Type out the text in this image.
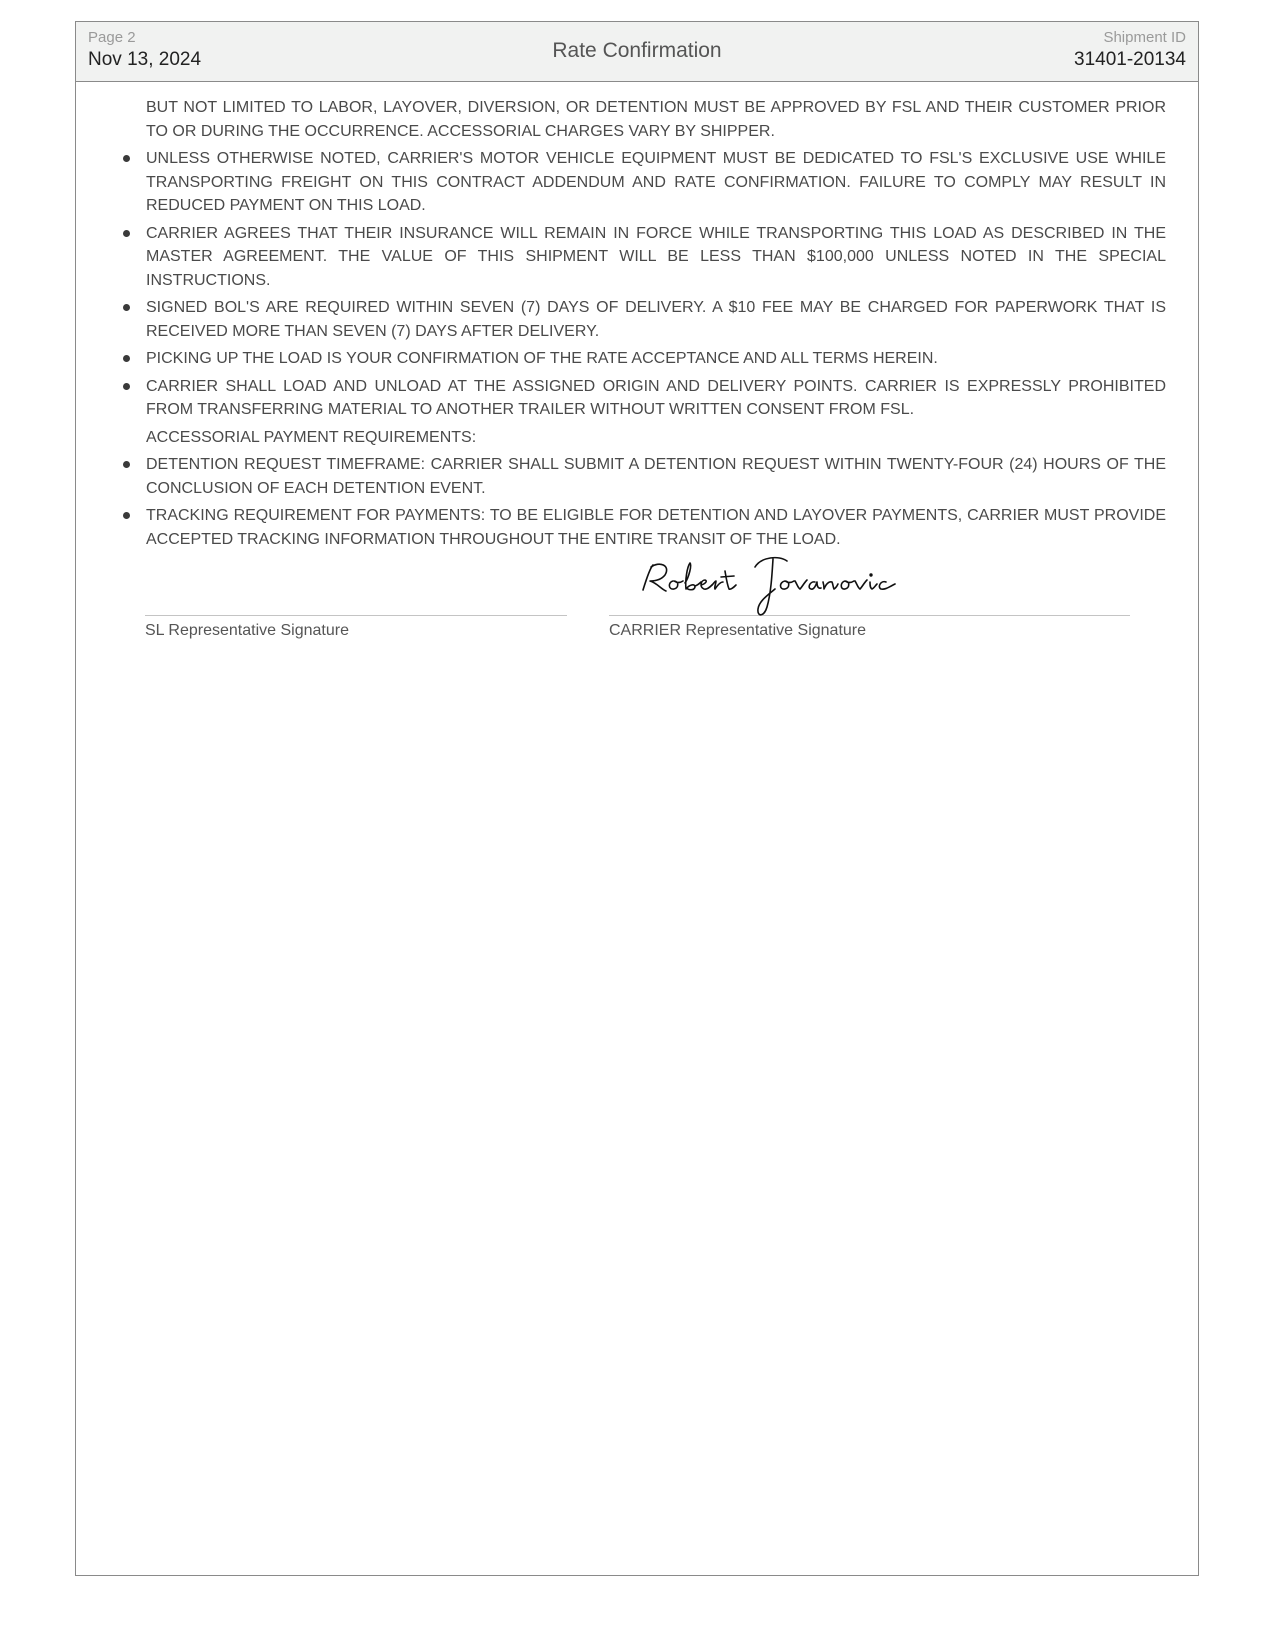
Page 2
Nov 13, 2024	Rate Confirmation
Shipment ID
31401-20134

BUT NOT LIMITED TO LABOR, LAYOVER, DIVERSION, OR DETENTION MUST BE APPROVED BY FSL AND THEIR CUSTOMER PRIOR TO OR DURING THE OCCURRENCE. ACCESSORIAL CHARGES VARY BY SHIPPER.

UNLESS OTHERWISE NOTED, CARRIER'S MOTOR VEHICLE EQUIPMENT MUST BE DEDICATED TO FSL'S EXCLUSIVE USE WHILE TRANSPORTING FREIGHT ON THIS CONTRACT ADDENDUM AND RATE CONFIRMATION. FAILURE TO COMPLY MAY RESULT IN REDUCED PAYMENT ON THIS LOAD.

CARRIER AGREES THAT THEIR INSURANCE WILL REMAIN IN FORCE WHILE TRANSPORTING THIS LOAD AS DESCRIBED IN THE MASTER AGREEMENT. THE VALUE OF THIS SHIPMENT WILL BE LESS THAN $100,000 UNLESS NOTED IN THE SPECIAL INSTRUCTIONS.

SIGNED BOL'S ARE REQUIRED WITHIN SEVEN (7) DAYS OF DELIVERY. A $10 FEE MAY BE CHARGED FOR PAPERWORK THAT IS RECEIVED MORE THAN SEVEN (7) DAYS AFTER DELIVERY.

PICKING UP THE LOAD IS YOUR CONFIRMATION OF THE RATE ACCEPTANCE AND ALL TERMS HEREIN.

CARRIER SHALL LOAD AND UNLOAD AT THE ASSIGNED ORIGIN AND DELIVERY POINTS. CARRIER IS EXPRESSLY PROHIBITED FROM TRANSFERRING MATERIAL TO ANOTHER TRAILER WITHOUT WRITTEN CONSENT FROM FSL.

ACCESSORIAL PAYMENT REQUIREMENTS:

DETENTION REQUEST TIMEFRAME: CARRIER SHALL SUBMIT A DETENTION REQUEST WITHIN TWENTY-FOUR (24) HOURS OF THE CONCLUSION OF EACH DETENTION EVENT.

TRACKING REQUIREMENT FOR PAYMENTS: TO BE ELIGIBLE FOR DETENTION AND LAYOVER PAYMENTS, CARRIER MUST PROVIDE ACCEPTED TRACKING INFORMATION THROUGHOUT THE ENTIRE TRANSIT OF THE LOAD.

SL Representative Signature	CARRIER Representative Signature
